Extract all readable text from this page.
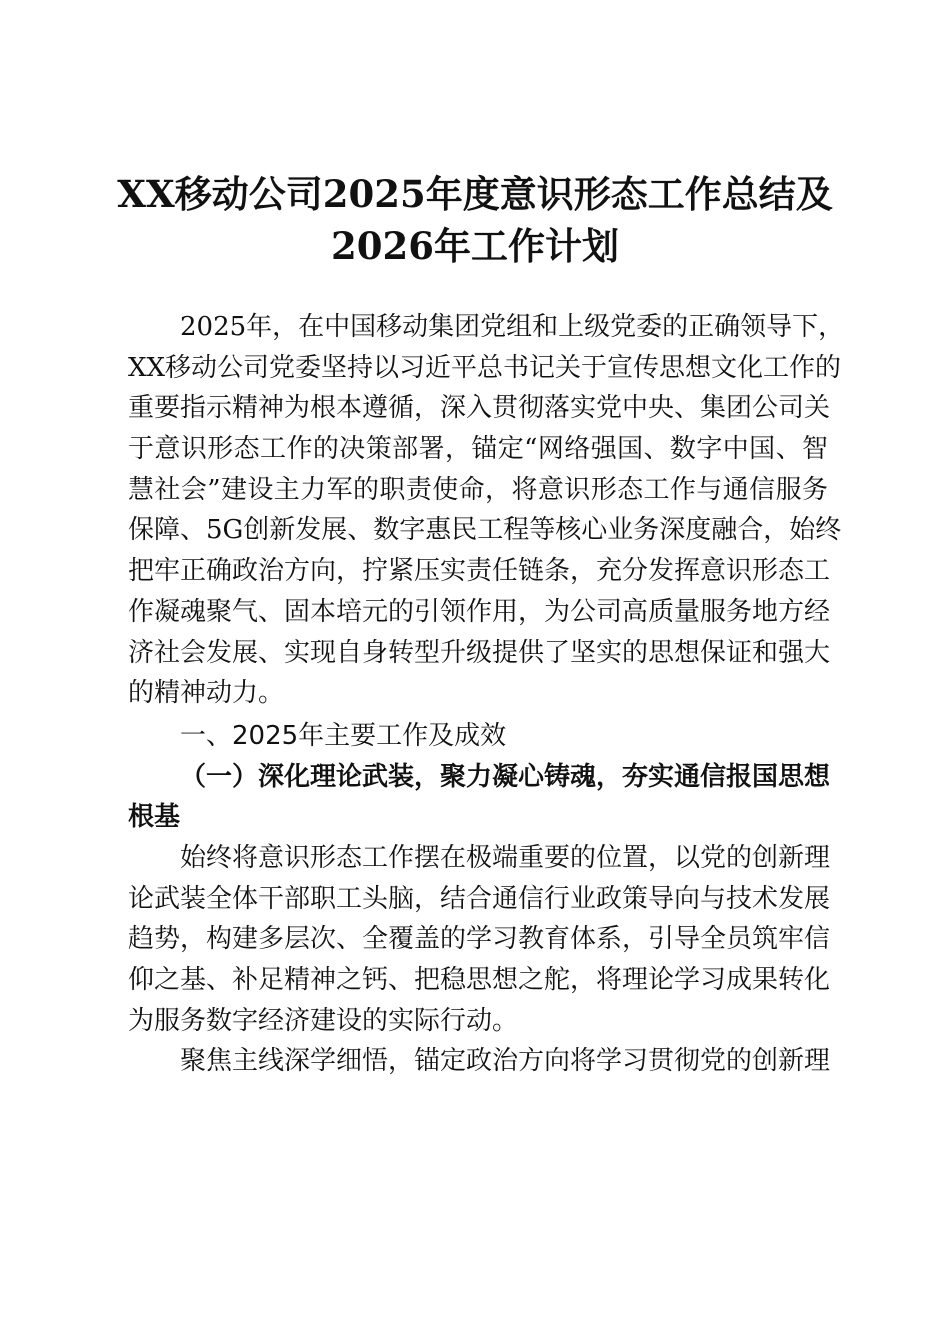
XX移动公司2025年度意识形态工作总结及
2026年工作计划
2025年，在中国移动集团党组和上级党委的正确领导下，
XX移动公司党委坚持以习近平总书记关于宣传思想文化工作的
重要指示精神为根本遵循，深入贯彻落实党中央、集团公司关
于意识形态工作的决策部署，锚定“网络强国、数字中国、智
慧社会”建设主力军的职责使命，将意识形态工作与通信服务
保障、5G创新发展、数字惠民工程等核心业务深度融合，始终
把牢正确政治方向，拧紧压实责任链条，充分发挥意识形态工
作凝魂聚气、固本培元的引领作用，为公司高质量服务地方经
济社会发展、实现自身转型升级提供了坚实的思想保证和强大
的精神动力。
一、2025年主要工作及成效
（一）深化理论武装，聚力凝心铸魂，夯实通信报国思想
根基
始终将意识形态工作摆在极端重要的位置，以党的创新理
论武装全体干部职工头脑，结合通信行业政策导向与技术发展
趋势，构建多层次、全覆盖的学习教育体系，引导全员筑牢信
仰之基、补足精神之钙、把稳思想之舵，将理论学习成果转化
为服务数字经济建设的实际行动。
聚焦主线深学细悟，锚定政治方向将学习贯彻党的创新理
